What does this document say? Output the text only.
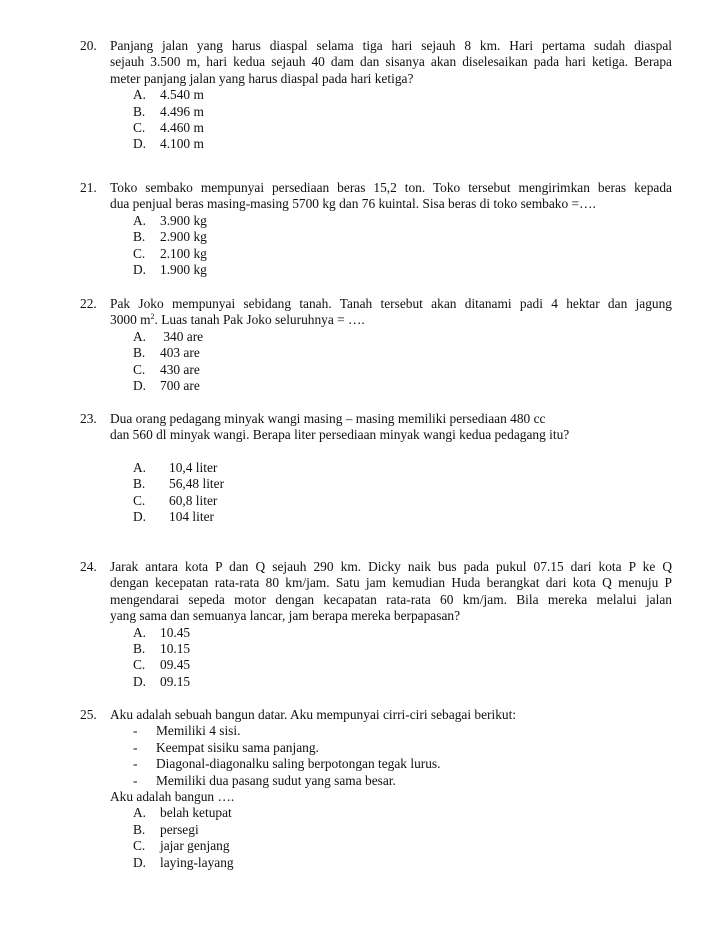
20. Panjang jalan yang harus diaspal selama tiga hari sejauh 8 km. Hari pertama sudah diaspal
sejauh 3.500 m, hari kedua sejauh 40 dam dan sisanya akan diselesaikan pada hari ketiga. Berapa
meter panjang jalan yang harus diaspal pada hari ketiga?
A. 4.540 m
B. 4.496 m
C. 4.460 m
D. 4.100 m
21. Toko sembako mempunyai persediaan beras 15,2 ton. Toko tersebut mengirimkan beras kepada
dua penjual beras masing-masing 5700 kg dan 76 kuintal. Sisa beras di toko sembako =….
A. 3.900 kg
B. 2.900 kg
C. 2.100 kg
D. 1.900 kg
22. Pak Joko mempunyai sebidang tanah. Tanah tersebut akan ditanami padi 4 hektar dan jagung
3000 $m^2$. Luas tanah Pak Joko seluruhnya = ….
A. 340 are
B. 403 are
C. 430 are
D. 700 are
23. Dua orang pedagang minyak wangi masing – masing memiliki persediaan 480 cc
dan 560 dl minyak wangi. Berapa liter persediaan minyak wangi kedua pedagang itu?
A. 10,4 liter
B. 56,48 liter
C. 60,8 liter
D. 104 liter
24. Jarak antara kota P dan Q sejauh 290 km. Dicky naik bus pada pukul 07.15 dari kota P ke Q
dengan kecepatan rata-rata 80 km/jam. Satu jam kemudian Huda berangkat dari kota Q menuju P
mengendarai sepeda motor dengan kecapatan rata-rata 60 km/jam. Bila mereka melalui jalan
yang sama dan semuanya lancar, jam berapa mereka berpapasan?
A. 10.45
B. 10.15
C. 09.45
D. 09.15
25. Aku adalah sebuah bangun datar. Aku mempunyai cirri-ciri sebagai berikut:
- Memiliki 4 sisi.
- Keempat sisiku sama panjang.
- Diagonal-diagonalku saling berpotongan tegak lurus.
- Memiliki dua pasang sudut yang sama besar.
Aku adalah bangun ….
A. belah ketupat
B. persegi
C. jajar genjang
D. laying-layang
